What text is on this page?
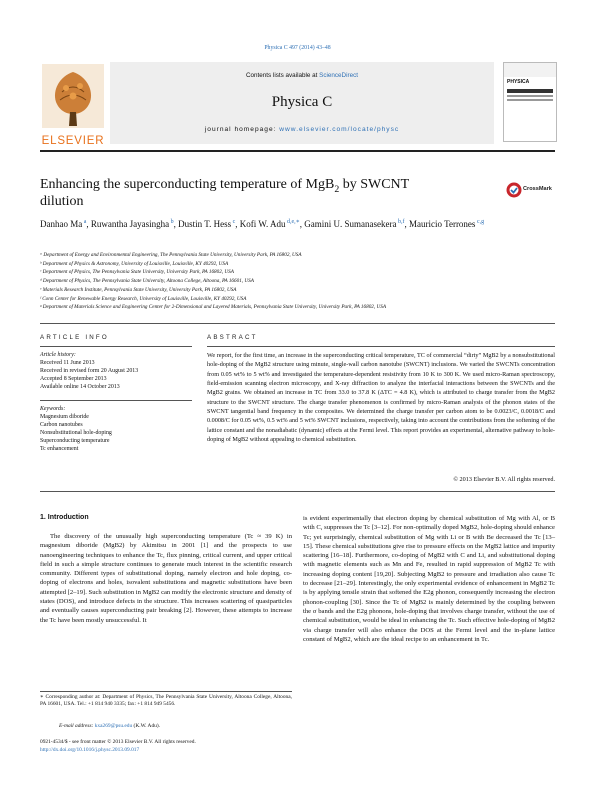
Physica C 497 (2014) 43–48
ELSEVIER
Contents lists available at ScienceDirect
Physica C
journal homepage: www.elsevier.com/locate/physc
PHYSICA
Enhancing the superconducting temperature of MgB$_2$ by SWCNT
dilution
CrossMark
Danhao Ma $^a$, Ruwantha Jayasingha $^b$, Dustin T. Hess $^c$, Kofi W. Adu $^{d,e,∗}$, Gamini U. Sumanasekera $^{b,f}$, Mauricio Terrones $^{c,g}$
ᵃ Department of Energy and Environmental Engineering, The Pennsylvania State University, University Park, PA 16802, USA
ᵇ Department of Physics & Astronomy, University of Louisville, Louisville, KY 40292, USA
ᶜ Department of Physics, The Pennsylvania State University, University Park, PA 16802, USA
ᵈ Department of Physics, The Pennsylvania State University, Altoona College, Altoona, PA 16601, USA
ᵉ Materials Research Institute, Pennsylvania State University, University Park, PA 16802, USA
ᶠ Conn Center for Renewable Energy Research, University of Louisville, Louisville, KY 40292, USA
ᵍ Department of Materials Science and Engineering Center for 2-Dimensional and Layered Materials, Pennsylvania State University, University Park, PA 16802, USA
ARTICLE INFO
Article history:
Received 11 June 2013
Received in revised form 20 August 2013
Accepted 8 September 2013
Available online 14 October 2013
Keywords:
Magnesium diboride
Carbon nanotubes
Nonsubstitutional hole-doping
Superconducting temperature
Tc enhancement
ABSTRACT
We report, for the first time, an increase in the superconducting critical temperature, TC of commercial “dirty” MgB2 by a nonsubstitutional hole-doping of the MgB2 structure using minute, single-wall carbon nanotube (SWCNT) inclusions. We varied the SWCNTs concentration from 0.05 wt% to 5 wt% and investigated the temperature-dependent resistivity from 10 K to 300 K. We used micro-Raman spectroscopy, field-emission scanning electron microscopy, and X-ray diffraction to analyze the interfacial interactions between the SWCNTs and the MgB2 grains. We obtained an increase in TC from 33.0 to 37.8 K (ΔTC = 4.8 K), which is attributed to charge transfer from the MgB2 structure to the SWCNT structure. The charge transfer phenomenon is confirmed by micro-Raman analysis of the phonon states of the SWCNT tangential band frequency in the composites. We determined the charge transfer per carbon atom to be 0.0023/C, 0.0018/C and 0.0008/C for 0.05 wt%, 0.5 wt% and 5 wt% SWCNT inclusions, respectively, taking into account the contributions from the softening of the lattice constant and the nonadiabatic (dynamic) effects at the Fermi level. This report provides an experimental, alternative pathway to hole-doping of MgB2 without appealing to chemical substitution.
© 2013 Elsevier B.V. All rights reserved.
1. Introduction
The discovery of the unusually high superconducting temperature (Tc ≈ 39 K) in magnesium diboride (MgB2) by Akimitsu in 2001 [1] and the prospects to use nanoengineering techniques to enhance the Tc, flux pinning, critical current, and upper critical field in such a simple structure continues to generate much interest in the scientific research community. Different types of substitutional doping, namely electron and hole doping, co-doping of electrons and holes, isovalent substitutions and magnetic substitutions have been attempted [2–19]. Such substitution in MgB2 can modify the electronic structure and density of states (DOS), and introduce defects in the structure. This increases scattering of quasiparticles and eventually causes superconducting pair breaking [2]. However, these attempts to increase the Tc have been mostly unsuccessful. It
is evident experimentally that electron doping by chemical substitution of Mg with Al, or B with C, suppresses the Tc [3–12]. For non-optimally doped MgB2, hole-doping should enhance Tc; yet surprisingly, chemical substitution of Mg with Li or B with Be decreased the Tc [13–15]. These chemical substitutions give rise to pressure effects on the MgB2 lattice and impurity scattering [16–18]. Furthermore, co-doping of MgB2 with C and Li, and substitutional doping with magnetic elements such as Mn and Fe, resulted in rapid suppression of MgB2 Tc with increasing doping content [19,20]. Subjecting MgB2 to pressure and irradiation also cause Tc to decrease [21–29]. Interestingly, the only experimental evidence of enhancement in MgB2 Tc is by applying tensile strain that softened the E2g phonon, consequently increasing the electron phonon-coupling [30]. Since the Tc of MgB2 is mainly determined by the coupling between the σ bands and the E2g phonons, hole-doping that involves charge transfer, without the use of chemical substitution, would be ideal in enhancing the Tc. Such effective hole-doping of MgB2 via charge transfer will also enhance the DOS at the Fermi level and the in-plane lattice constant of MgB2, which are the ideal recipe to an enhancement in Tc.
∗ Corresponding author at: Department of Physics, The Pennsylvania State University, Altoona College, Altoona, PA 16601, USA. Tel.: +1 814 940 3335; fax: +1 814 949 5456.
E-mail address: kxa269@psu.edu (K.W. Adu).
0921-4534/$ - see front matter © 2013 Elsevier B.V. All rights reserved.
http://dx.doi.org/10.1016/j.physc.2013.09.017
